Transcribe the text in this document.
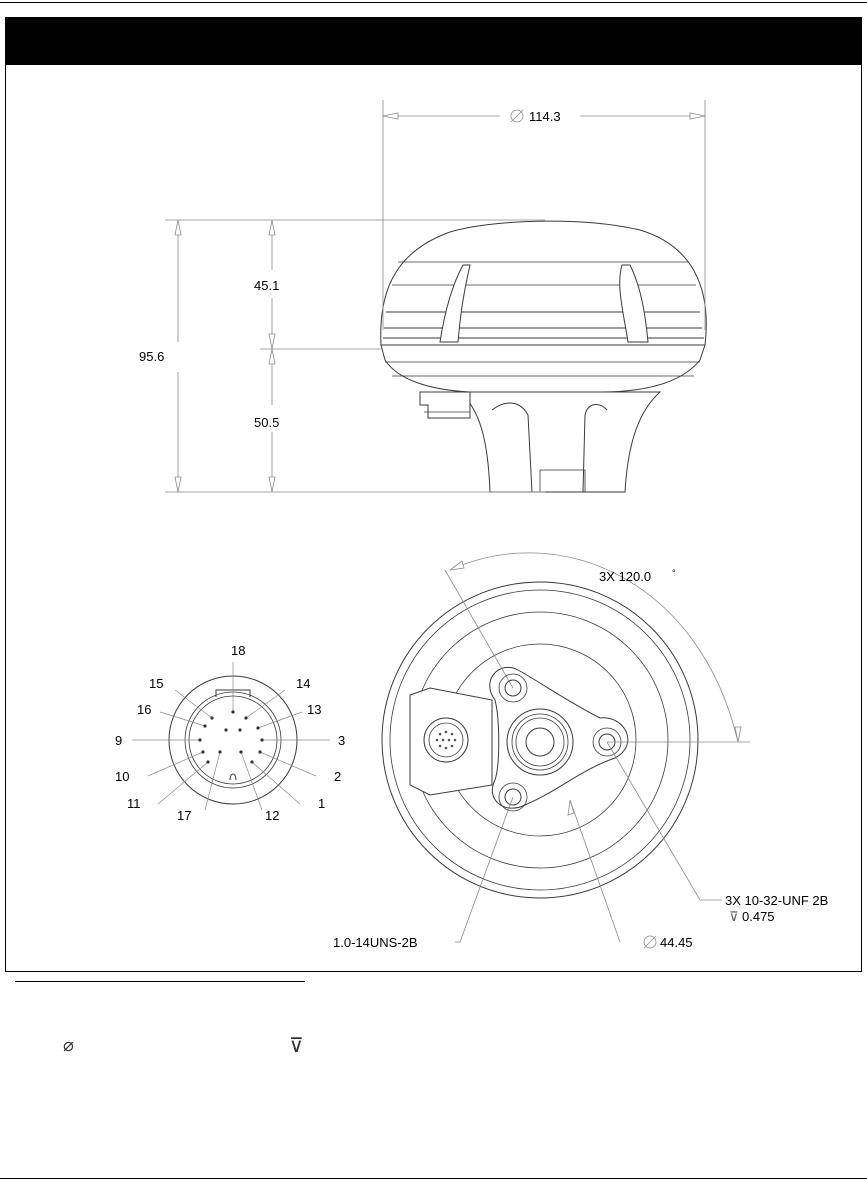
114.3
95.6
45.1
50.5
⊽
3X 120.0 °
3X 10-32-UNF 2B
0.475
1.0-14UNS-2B	44.45
18
15	14
16	13
9	3
10	2
11	1
17	12
⌀	⊽
